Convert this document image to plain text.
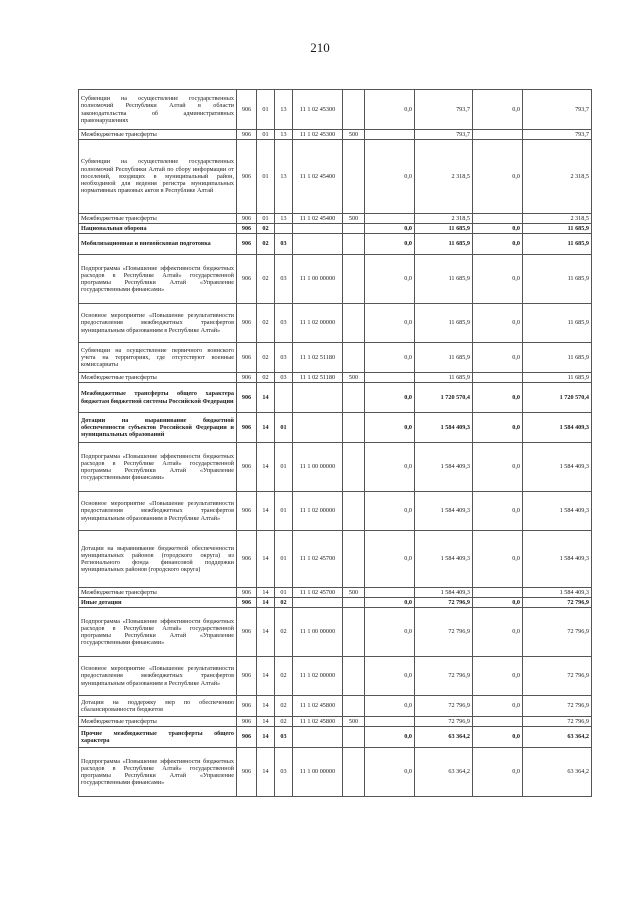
210
Субвенции на осуществление государственных полномочий Республики Алтай в области законодательства об административных правонарушениях	906	01	13	11 1 02 45300		0,0	793,7	0,0	793,7
Межбюджетные трансферты	906	01	13	11 1 02 45300	500		793,7		793,7
Субвенции на осуществление государственных полномочий Республики Алтай по сбору информации от поселений, входящих в муниципальный район, необходимой для ведения регистра муниципальных нормативных правовых актов в Республике Алтай	906	01	13	11 1 02 45400		0,0	2 318,5	0,0	2 318,5
Межбюджетные трансферты	906	01	13	11 1 02 45400	500		2 318,5		2 318,5
Национальная оборона	906	02				0,0	11 685,9	0,0	11 685,9
Мобилизационная и вневойсковая подготовка	906	02	03			0,0	11 685,9	0,0	11 685,9
Подпрограмма «Повышение эффективности бюджетных расходов в Республике Алтай» государственной программы Республики Алтай «Управление государственными финансами»	906	02	03	11 1 00 00000		0,0	11 685,9	0,0	11 685,9
Основное мероприятие «Повышение результативности предоставления межбюджетных трансфертов муниципальным образованиям в Республике Алтай»	906	02	03	11 1 02 00000		0,0	11 685,9	0,0	11 685,9
Субвенции на осуществление первичного воинского учета на территориях, где отсутствуют военные комиссариаты	906	02	03	11 1 02 51180		0,0	11 685,9	0,0	11 685,9
Межбюджетные трансферты	906	02	03	11 1 02 51180	500		11 685,9		11 685,9
Межбюджетные трансферты общего характера бюджетам бюджетной системы Российской Федерации	906	14				0,0	1 720 570,4	0,0	1 720 570,4
Дотации на выравнивание бюджетной обеспеченности субъектов Российской Федерации и муниципальных образований	906	14	01			0,0	1 584 409,3	0,0	1 584 409,3
Подпрограмма «Повышение эффективности бюджетных расходов в Республике Алтай» государственной программы Республики Алтай «Управление государственными финансами»	906	14	01	11 1 00 00000		0,0	1 584 409,3	0,0	1 584 409,3
Основное мероприятие «Повышение результативности предоставления межбюджетных трансфертов муниципальным образованиям в Республике Алтай»	906	14	01	11 1 02 00000		0,0	1 584 409,3	0,0	1 584 409,3
Дотации на выравнивание бюджетной обеспеченности муниципальных районов (городского округа) из Регионального фонда финансовой поддержки муниципальных районов (городского округа)	906	14	01	11 1 02 45700		0,0	1 584 409,3	0,0	1 584 409,3
Межбюджетные трансферты	906	14	01	11 1 02 45700	500		1 584 409,3		1 584 409,3
Иные дотации	906	14	02			0,0	72 796,9	0,0	72 796,9
Подпрограмма «Повышение эффективности бюджетных расходов в Республике Алтай» государственной программы Республики Алтай «Управление государственными финансами»	906	14	02	11 1 00 00000		0,0	72 796,9	0,0	72 796,9
Основное мероприятие «Повышение результативности предоставления межбюджетных трансфертов муниципальным образованиям в Республике Алтай»	906	14	02	11 1 02 00000		0,0	72 796,9	0,0	72 796,9
Дотации на поддержку мер по обеспечению сбалансированности бюджетов	906	14	02	11 1 02 45800		0,0	72 796,9	0,0	72 796,9
Межбюджетные трансферты	906	14	02	11 1 02 45800	500		72 796,9		72 796,9
Прочие межбюджетные трансферты общего характера	906	14	03			0,0	63 364,2	0,0	63 364,2
Подпрограмма «Повышение эффективности бюджетных расходов в Республике Алтай» государственной программы Республики Алтай «Управление государственными финансами»	906	14	03	11 1 00 00000		0,0	63 364,2	0,0	63 364,2
